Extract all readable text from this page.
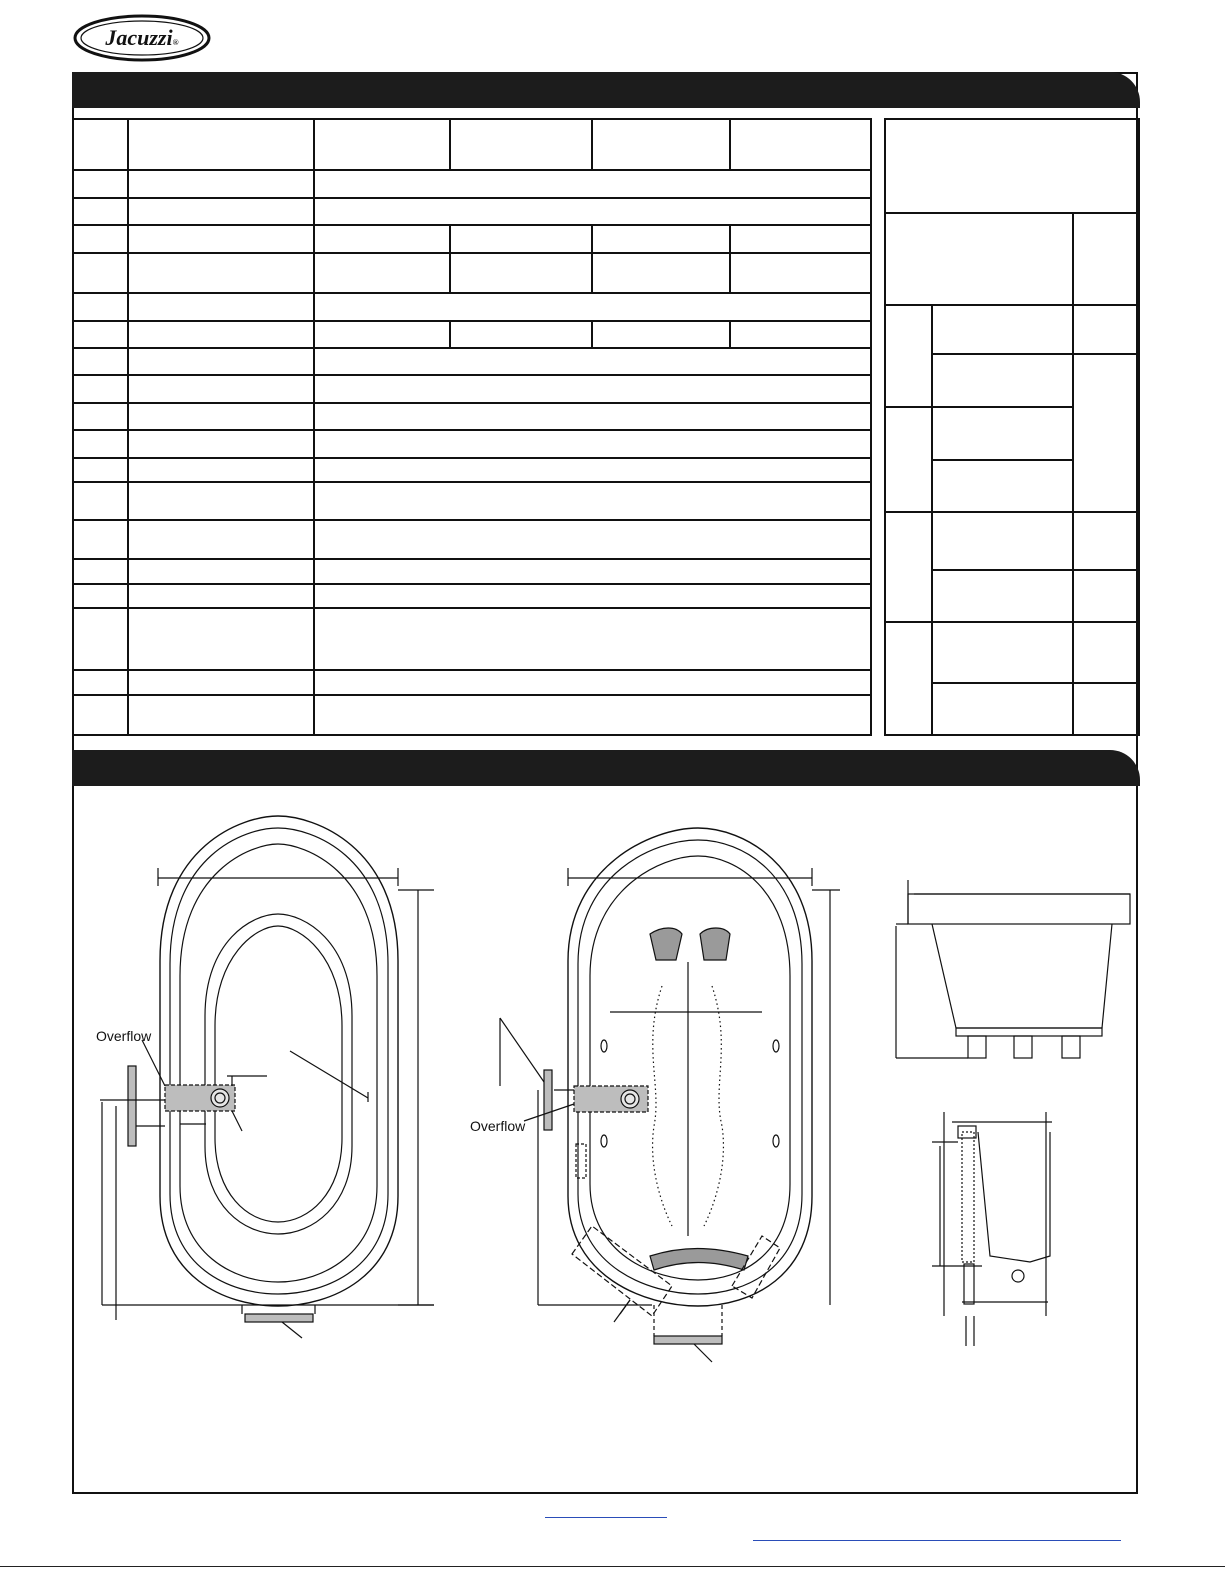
Jacuzzi®
Overflow
Overflow
